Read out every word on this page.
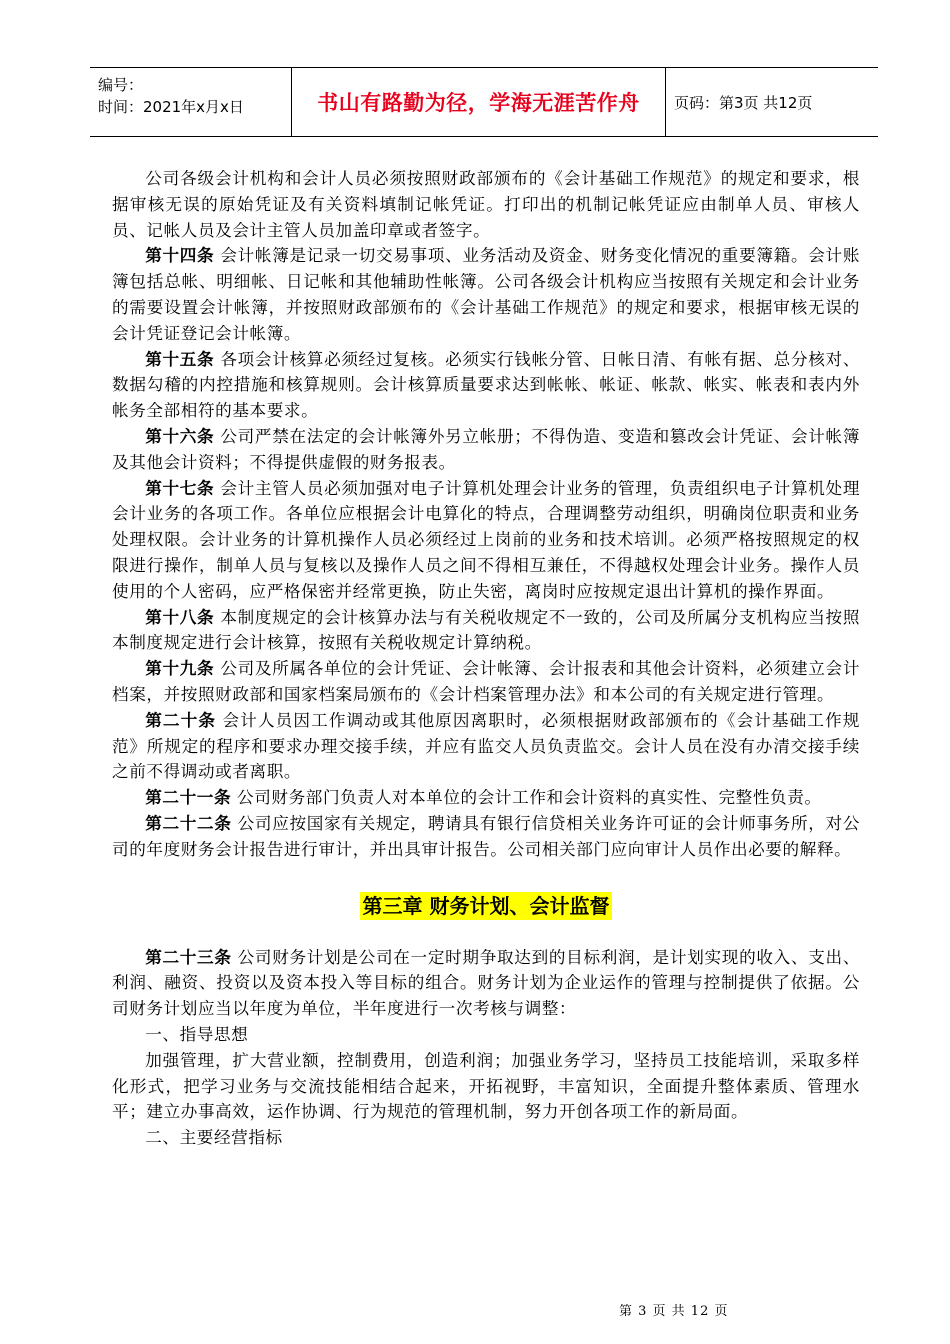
编号：
时间：2021年x月x日	书山有路勤为径，学海无涯苦作舟	页码：第3页 共12页

公司各级会计机构和会计人员必须按照财政部颁布的《会计基础工作规范》的规定和要求，根据审核无误的原始凭证及有关资料填制记帐凭证。打印出的机制记帐凭证应由制单人员、审核人员、记帐人员及会计主管人员加盖印章或者签字。

第十四条 会计帐簿是记录一切交易事项、业务活动及资金、财务变化情况的重要簿籍。会计账簿包括总帐、明细帐、日记帐和其他辅助性帐簿。公司各级会计机构应当按照有关规定和会计业务的需要设置会计帐簿，并按照财政部颁布的《会计基础工作规范》的规定和要求，根据审核无误的会计凭证登记会计帐簿。

第十五条 各项会计核算必须经过复核。必须实行钱帐分管、日帐日清、有帐有据、总分核对、数据勾稽的内控措施和核算规则。会计核算质量要求达到帐帐、帐证、帐款、帐实、帐表和表内外帐务全部相符的基本要求。

第十六条 公司严禁在法定的会计帐簿外另立帐册；不得伪造、变造和篡改会计凭证、会计帐簿及其他会计资料；不得提供虚假的财务报表。

第十七条 会计主管人员必须加强对电子计算机处理会计业务的管理，负责组织电子计算机处理会计业务的各项工作。各单位应根据会计电算化的特点，合理调整劳动组织，明确岗位职责和业务处理权限。会计业务的计算机操作人员必须经过上岗前的业务和技术培训。必须严格按照规定的权限进行操作，制单人员与复核以及操作人员之间不得相互兼任，不得越权处理会计业务。操作人员使用的个人密码，应严格保密并经常更换，防止失密，离岗时应按规定退出计算机的操作界面。

第十八条 本制度规定的会计核算办法与有关税收规定不一致的，公司及所属分支机构应当按照本制度规定进行会计核算，按照有关税收规定计算纳税。

第十九条 公司及所属各单位的会计凭证、会计帐簿、会计报表和其他会计资料，必须建立会计档案，并按照财政部和国家档案局颁布的《会计档案管理办法》和本公司的有关规定进行管理。

第二十条 会计人员因工作调动或其他原因离职时，必须根据财政部颁布的《会计基础工作规范》所规定的程序和要求办理交接手续，并应有监交人员负责监交。会计人员在没有办清交接手续之前不得调动或者离职。

第二十一条 公司财务部门负责人对本单位的会计工作和会计资料的真实性、完整性负责。

第二十二条 公司应按国家有关规定，聘请具有银行信贷相关业务许可证的会计师事务所，对公司的年度财务会计报告进行审计，并出具审计报告。公司相关部门应向审计人员作出必要的解释。

第三章 财务计划、会计监督

第二十三条 公司财务计划是公司在一定时期争取达到的目标利润，是计划实现的收入、支出、利润、融资、投资以及资本投入等目标的组合。财务计划为企业运作的管理与控制提供了依据。公司财务计划应当以年度为单位，半年度进行一次考核与调整：

一、指导思想

加强管理，扩大营业额，控制费用，创造利润；加强业务学习，坚持员工技能培训，采取多样化形式，把学习业务与交流技能相结合起来，开拓视野，丰富知识，全面提升整体素质、管理水平；建立办事高效，运作协调、行为规范的管理机制，努力开创各项工作的新局面。

二、主要经营指标

第 3 页 共 12 页
